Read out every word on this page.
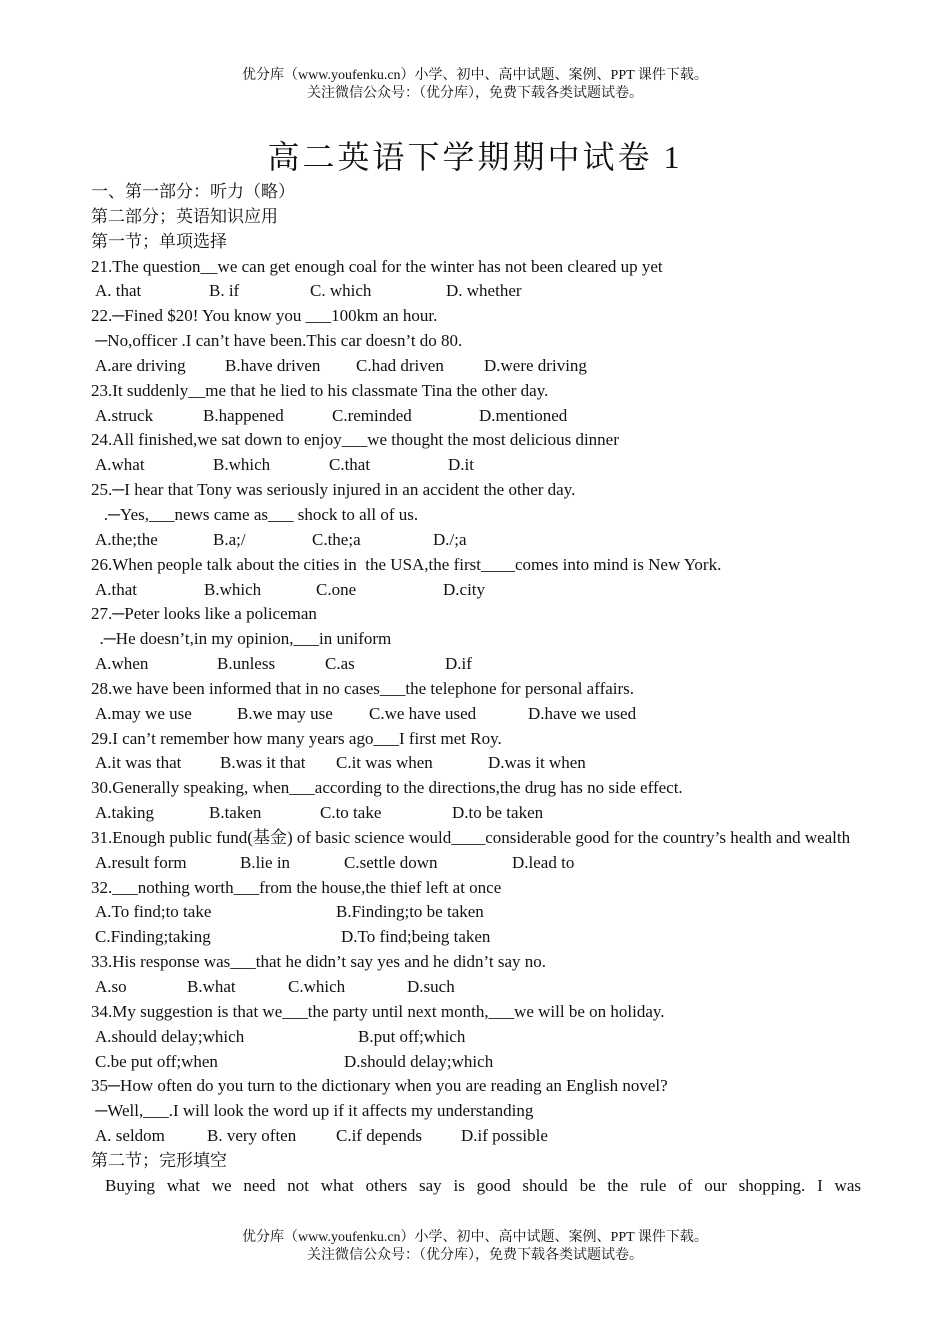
优分库（www.youfenku.cn）小学、初中、高中试题、案例、PPT 课件下载。
关注微信公众号：（优分库），免费下载各类试题试卷。
高二英语下学期期中试卷 1
一、第一部分：听力（略）
第二部分；英语知识应用
第一节；单项选择
21.The question__we can get enough coal for the winter has not been cleared up yet
A. that	B. if	C. which	D. whether
22.─Fined $20! You know you ___100km an hour.
─No,officer .I can’t have been.This car doesn’t do 80.
A.are driving B.have driven C.had driven D.were driving
23.It suddenly__me that he lied to his classmate Tina the other day.
A.struck	B.happened	C.reminded	D.mentioned
24.All finished,we sat down to enjoy___we thought the most delicious dinner
A.what	B.which	C.that	D.it
25.─I hear that Tony was seriously injured in an accident the other day.
.─Yes,___news came as___ shock to all of us.
A.the;the	B.a;/	C.the;a	D./;a
26.When people talk about the cities in  the USA,the first____comes into mind is New York.
A.that	B.which	C.one	D.city
27.─Peter looks like a policeman
.─He doesn’t,in my opinion,___in uniform
A.when	B.unless	C.as	D.if
28.we have been informed that in no cases___the telephone for personal affairs.
A.may we use	B.we may use C.we have used	D.have we used
29.I can’t remember how many years ago___I first met Roy.
A.it was that B.was it that C.it was when	D.was it when
30.Generally speaking, when___according to the directions,the drug has no side effect.
A.taking	B.taken	C.to take	D.to be taken
31.Enough public fund(基金) of basic science would____considerable good for the country’s health and wealth
A.result form	B.lie in	C.settle down	D.lead to
32.___nothing worth___from the house,the thief left at once
A.To find;to take	B.Finding;to be taken
C.Finding;taking	D.To find;being taken
33.His response was___that he didn’t say yes and he didn’t say no.
A.so	B.what	C.which	D.such
34.My suggestion is that we___the party until next month,___we will be on holiday.
A.should delay;which	B.put off;which
C.be put off;when	D.should delay;which
35─How often do you turn to the dictionary when you are reading an English novel?
─Well,___.I will look the word up if it affects my understanding
A. seldom B. very often C.if depends D.if possible
第二节；完形填空
Buying what we need not what others say is good should be the rule of our shopping. I was
优分库（www.youfenku.cn）小学、初中、高中试题、案例、PPT 课件下载。
关注微信公众号：（优分库），免费下载各类试题试卷。
